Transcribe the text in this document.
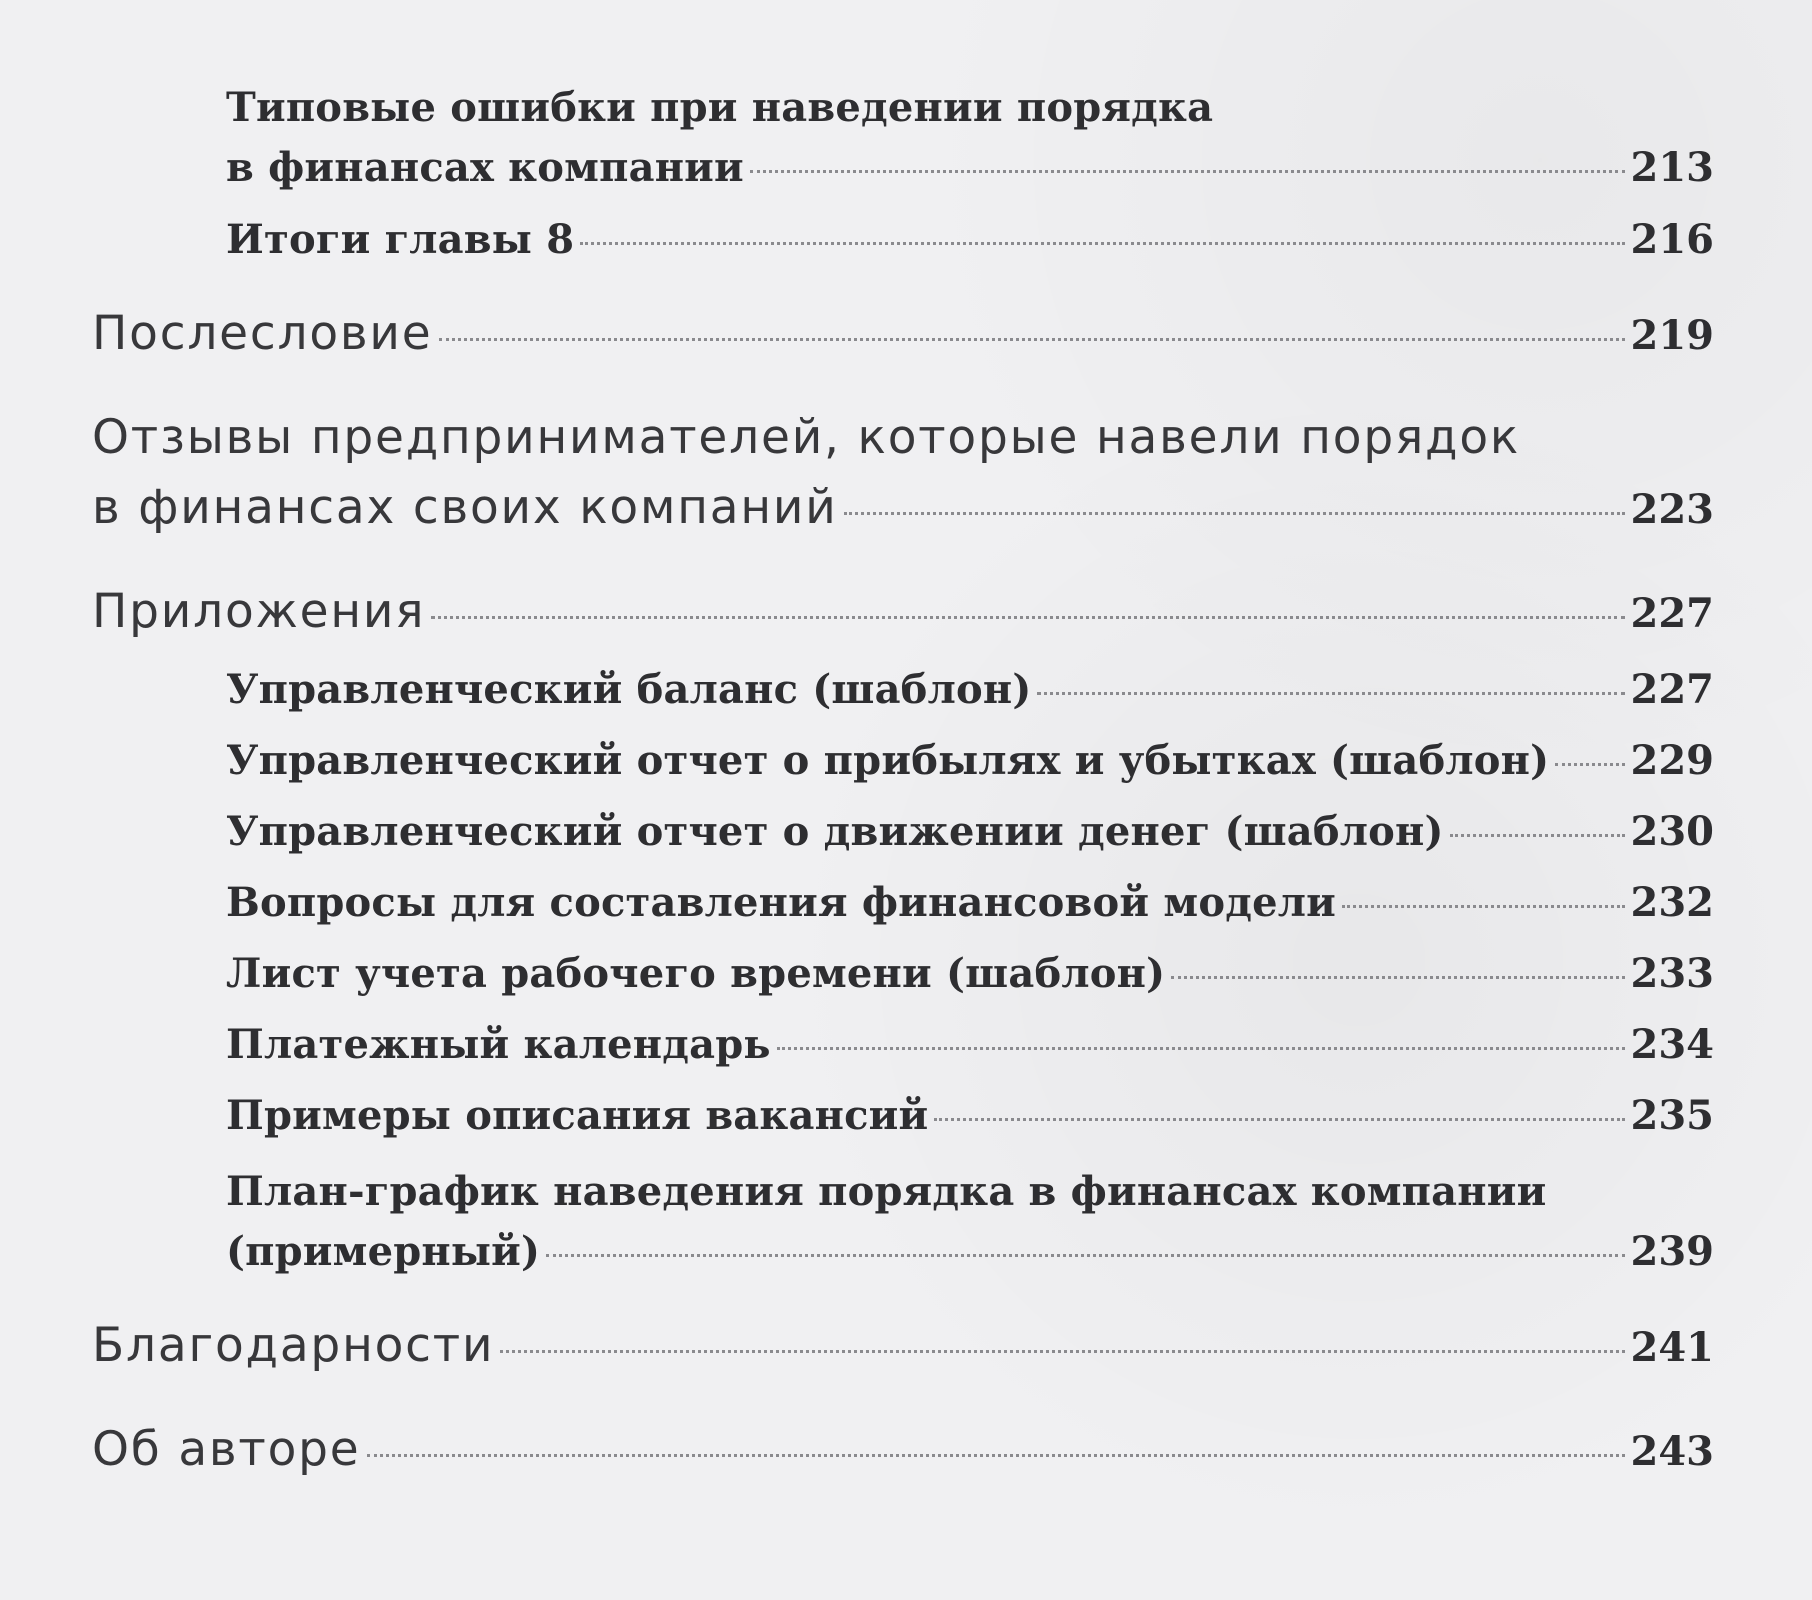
Типовые ошибки при наведении порядка
в финансах компании	213
Итоги главы 8	216
Послесловие	219
Отзывы предпринимателей, которые навели порядок
в финансах своих компаний	223
Приложения	227
Управленческий баланс (шаблон)	227
Управленческий отчет о прибылях и убытках (шаблон) 229
Управленческий отчет о движении денег (шаблон)	230
Вопросы для составления финансовой модели	232
Лист учета рабочего времени (шаблон)	233
Платежный календарь	234
Примеры описания вакансий	235
План-график наведения порядка в финансах компании
(примерный)	239
Благодарности	241
Об авторе	243
